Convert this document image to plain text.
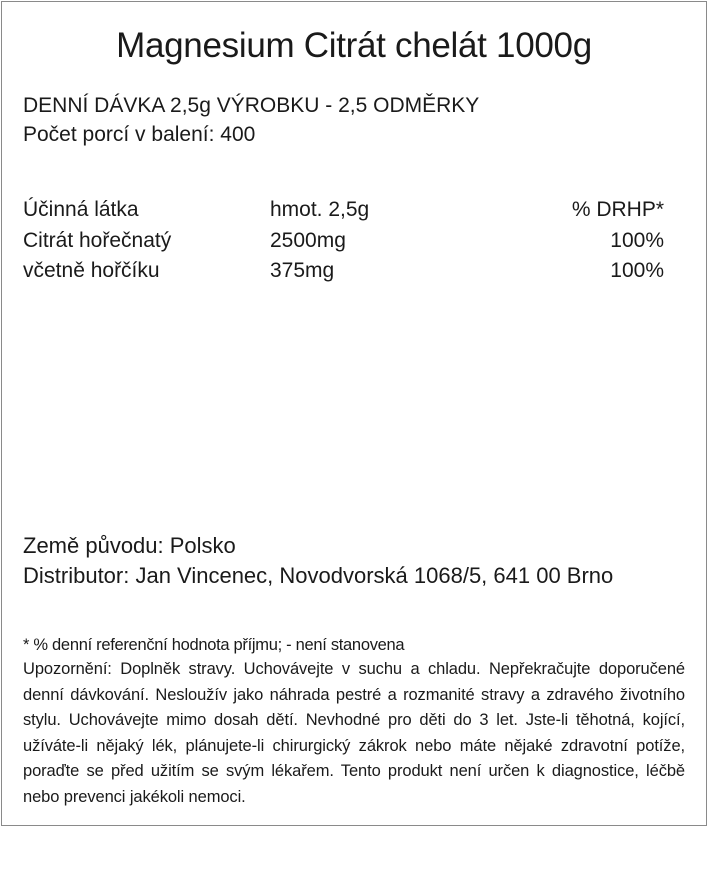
Magnesium Citrát chelát 1000g
DENNÍ DÁVKA 2,5g VÝROBKU - 2,5 ODMĚRKY
Počet porcí v balení: 400
Účinná látka	hmot. 2,5g	% DRHP*
Citrát hořečnatý	2500mg	100%
včetně hořčíku	375mg	100%
Země původu: Polsko
Distributor: Jan Vincenec, Novodvorská 1068/5, 641 00 Brno
* % denní referenční hodnota příjmu; - není stanovena
Upozornění: Doplněk stravy. Uchovávejte v suchu a chladu. Nepřekračujte doporučené denní dávkování. Nesloužív jako náhrada pestré a rozmanité stravy a zdravého životního stylu. Uchovávejte mimo dosah dětí. Nevhodné pro děti do 3 let. Jste-li těhotná, kojící, užíváte-li nějaký lék, plánujete-li chirurgický zákrok nebo máte nějaké zdravotní potíže, poraďte se před užitím se svým lékařem. Tento produkt není určen k diagnostice, léčbě nebo prevenci jakékoli nemoci.
